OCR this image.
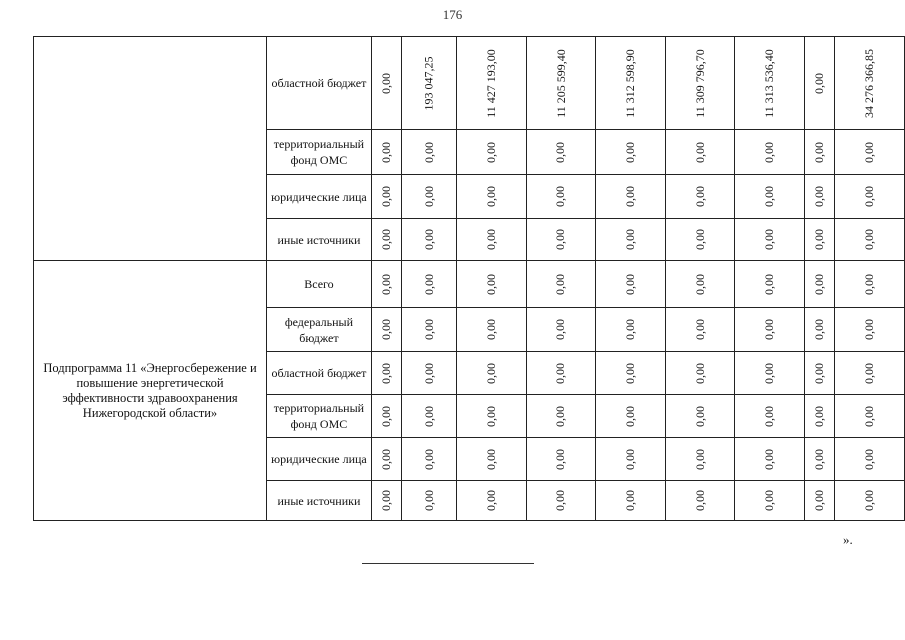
176
	областной бюджет	0,00	193 047,25	11 427 193,00	11 205 599,40	11 312 598,90	11 309 796,70	11 313 536,40	0,00	34 276 366,85
	территориальный фонд ОМС	0,00	0,00	0,00	0,00	0,00	0,00	0,00	0,00	0,00
	юридические лица	0,00	0,00	0,00	0,00	0,00	0,00	0,00	0,00	0,00
	иные источники	0,00	0,00	0,00	0,00	0,00	0,00	0,00	0,00	0,00
Подпрограмма 11 «Энергосбережение и повышение энергетической эффективности здравоохранения Нижегородской области»	Всего	0,00	0,00	0,00	0,00	0,00	0,00	0,00	0,00	0,00
	федеральный бюджет	0,00	0,00	0,00	0,00	0,00	0,00	0,00	0,00	0,00
	областной бюджет	0,00	0,00	0,00	0,00	0,00	0,00	0,00	0,00	0,00
	территориальный фонд ОМС	0,00	0,00	0,00	0,00	0,00	0,00	0,00	0,00	0,00
	юридические лица	0,00	0,00	0,00	0,00	0,00	0,00	0,00	0,00	0,00
	иные источники	0,00	0,00	0,00	0,00	0,00	0,00	0,00	0,00	0,00
».
